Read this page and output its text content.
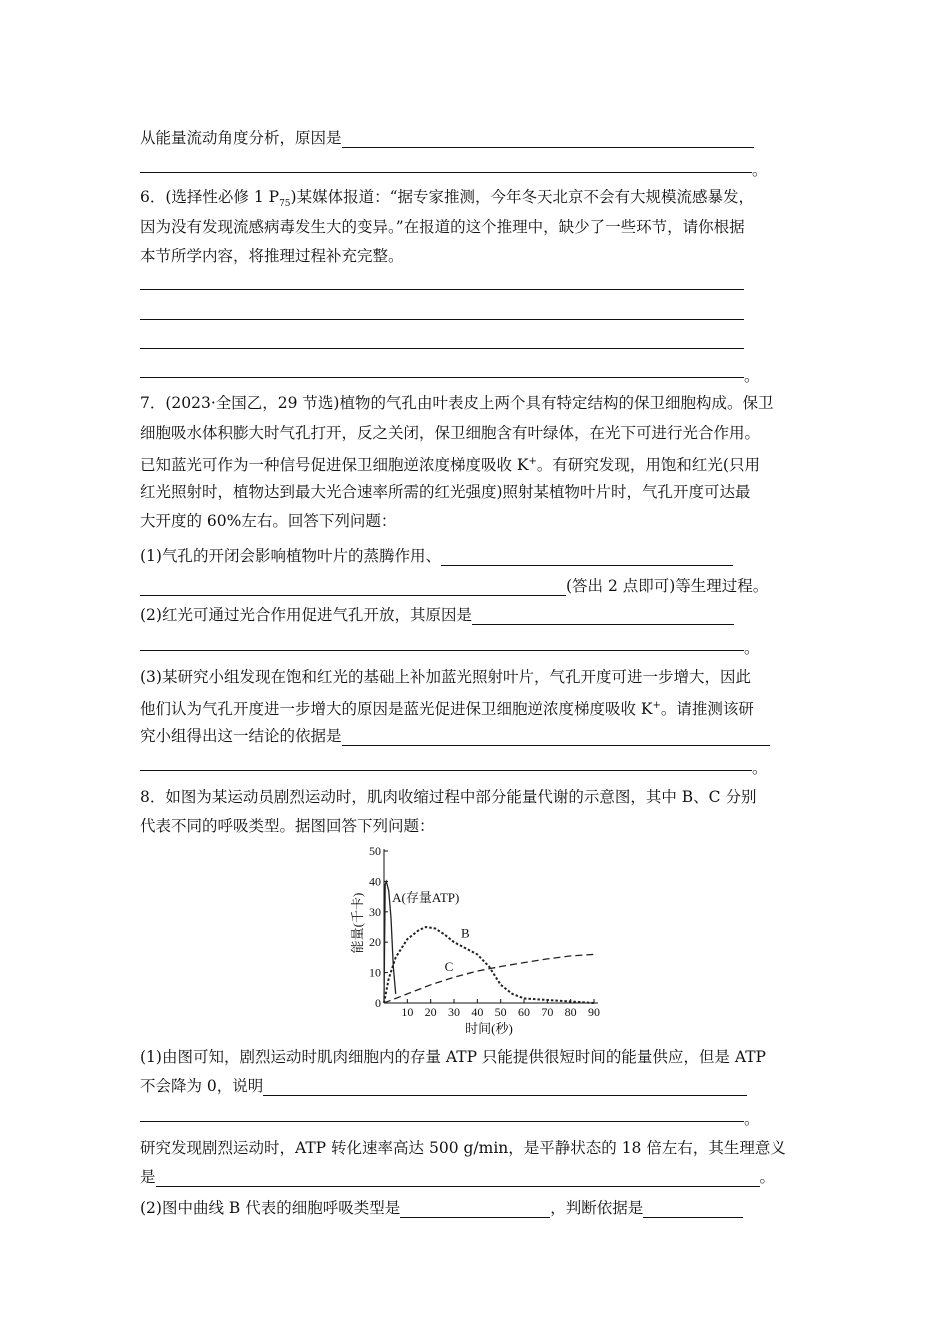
从能量流动角度分析，原因是
。
6．(选择性必修 1 $P_{75}$)某媒体报道：“据专家推测，今年冬天北京不会有大规模流感暴发，
因为没有发现流感病毒发生大的变异。”在报道的这个推理中，缺少了一些环节，请你根据
本节所学内容，将推理过程补充完整。
。
7．(2023·全国乙，29 节选)植物的气孔由叶表皮上两个具有特定结构的保卫细胞构成。保卫
细胞吸水体积膨大时气孔打开，反之关闭，保卫细胞含有叶绿体，在光下可进行光合作用。
已知蓝光可作为一种信号促进保卫细胞逆浓度梯度吸收 K+。有研究发现，用饱和红光(只用
红光照射时，植物达到最大光合速率所需的红光强度)照射某植物叶片时，气孔开度可达最
大开度的 60%左右。回答下列问题：
(1)气孔的开闭会影响植物叶片的蒸腾作用、
(答出 2 点即可)等生理过程。
(2)红光可通过光合作用促进气孔开放，其原因是
。
(3)某研究小组发现在饱和红光的基础上补加蓝光照射叶片，气孔开度可进一步增大，因此
他们认为气孔开度进一步增大的原因是蓝光促进保卫细胞逆浓度梯度吸收 K+。请推测该研
究小组得出这一结论的依据是
。
8．如图为某运动员剧烈运动时，肌肉收缩过程中部分能量代谢的示意图，其中 B、C 分别
代表不同的呼吸类型。据图回答下列问题：
0
10
20
30
40
50
10 20 30 40 50 60 70 80 90
A(存量ATP)
B
C
能量(千卡)
时间(秒)
(1)由图可知，剧烈运动时肌肉细胞内的存量 ATP 只能提供很短时间的能量供应，但是 ATP
不会降为 0，说明
。
研究发现剧烈运动时，ATP 转化速率高达 500 g/min，是平静状态的 18 倍左右，其生理意义
是	。
(2)图中曲线 B 代表的细胞呼吸类型是	，判断依据是
